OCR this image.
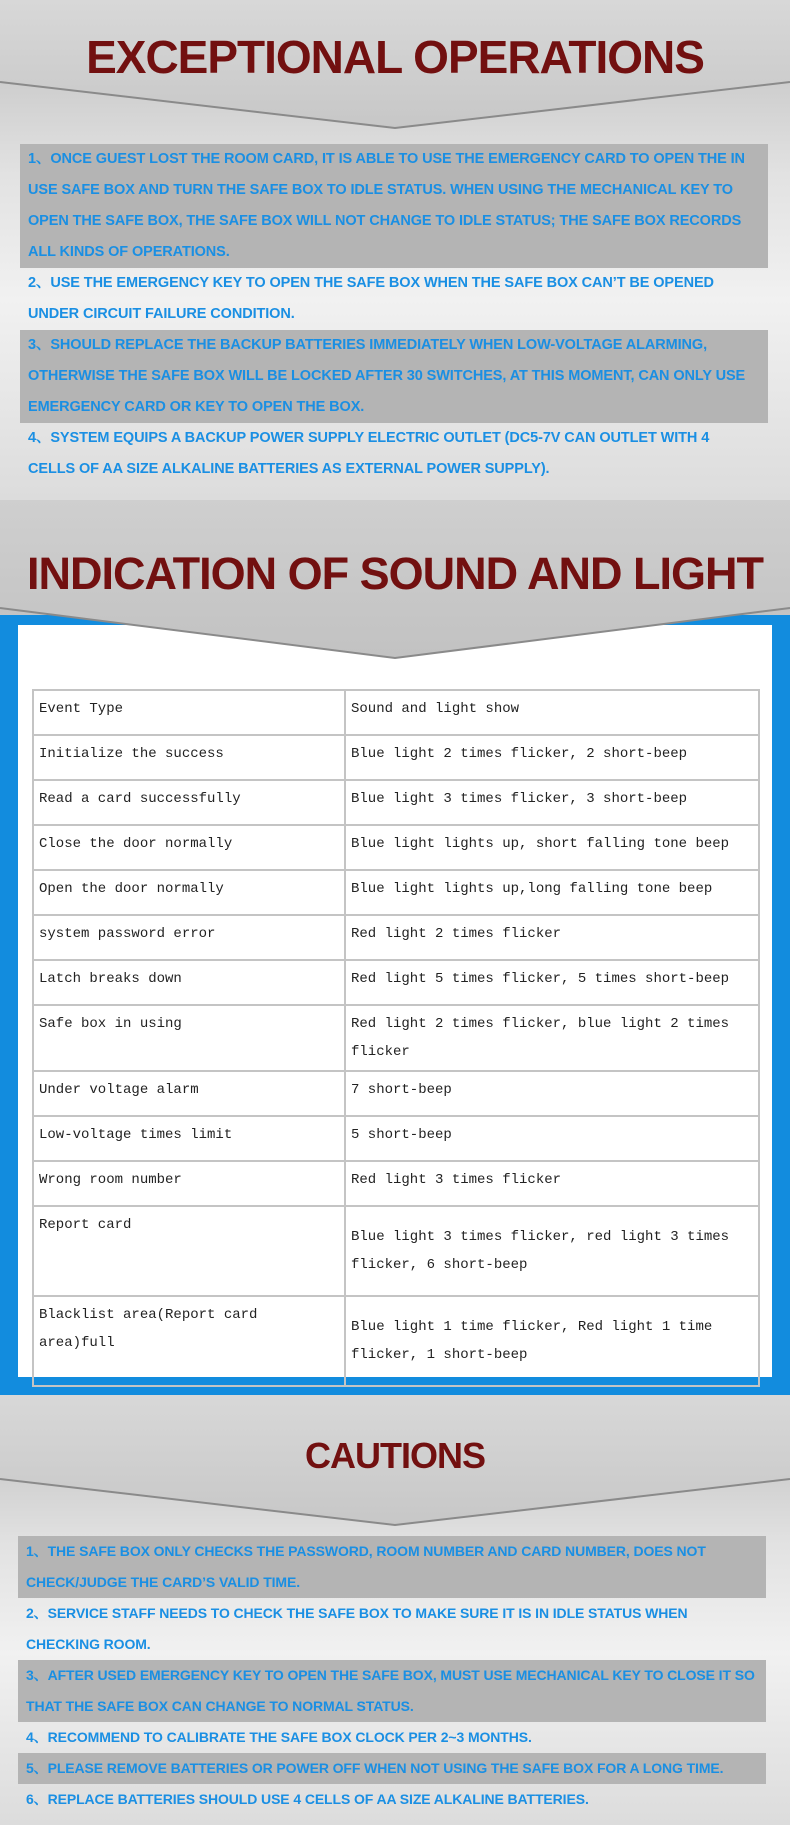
EXCEPTIONAL OPERATIONS
1、ONCE GUEST LOST THE ROOM CARD, IT IS ABLE TO USE THE EMERGENCY CARD TO OPEN THE IN USE SAFE BOX AND TURN THE SAFE BOX TO IDLE STATUS. WHEN USING THE MECHANICAL KEY TO OPEN THE SAFE BOX, THE SAFE BOX WILL NOT CHANGE TO IDLE STATUS; THE SAFE BOX RECORDS ALL KINDS OF OPERATIONS.
2、USE THE EMERGENCY KEY TO OPEN THE SAFE BOX WHEN THE SAFE BOX CAN’T BE OPENED UNDER CIRCUIT FAILURE CONDITION.
3、SHOULD REPLACE THE BACKUP BATTERIES IMMEDIATELY WHEN LOW-VOLTAGE ALARMING, OTHERWISE THE SAFE BOX WILL BE LOCKED AFTER 30 SWITCHES, AT THIS MOMENT, CAN ONLY USE EMERGENCY CARD OR KEY TO OPEN THE BOX.
4、SYSTEM EQUIPS A BACKUP POWER SUPPLY ELECTRIC OUTLET (DC5-7V CAN OUTLET WITH 4 CELLS OF AA SIZE ALKALINE BATTERIES AS EXTERNAL POWER SUPPLY).
Event Type	Sound and light show
Initialize the success	Blue light 2 times flicker, 2 short-beep
Read a card successfully	Blue light 3 times flicker, 3 short-beep
Close the door normally	Blue light lights up, short falling tone beep
Open the door normally	Blue light lights up,long falling tone beep
system password error	Red light 2 times flicker
Latch breaks down	Red light 5 times flicker, 5 times short-beep
Safe box in using	Red light 2 times flicker, blue light 2 times flicker
Under voltage alarm	7 short-beep
Low-voltage times limit	5 short-beep
Wrong room number	Red light 3 times flicker
Report card	Blue light 3 times flicker, red light 3 times flicker, 6 short-beep
Blacklist area(Report card area)full	Blue light 1 time flicker, Red light 1 time flicker, 1 short-beep
INDICATION OF SOUND AND LIGHT
CAUTIONS
1、THE SAFE BOX ONLY CHECKS THE PASSWORD, ROOM NUMBER AND CARD NUMBER, DOES NOT CHECK/JUDGE THE CARD’S VALID TIME.
2、SERVICE STAFF NEEDS TO CHECK THE SAFE BOX TO MAKE SURE IT IS IN IDLE STATUS WHEN CHECKING ROOM.
3、AFTER USED EMERGENCY KEY TO OPEN THE SAFE BOX, MUST USE MECHANICAL KEY TO CLOSE IT SO THAT THE SAFE BOX CAN CHANGE TO NORMAL STATUS.
4、RECOMMEND TO CALIBRATE THE SAFE BOX CLOCK PER 2~3 MONTHS.
5、PLEASE REMOVE BATTERIES OR POWER OFF WHEN NOT USING THE SAFE BOX FOR A LONG TIME.
6、REPLACE BATTERIES SHOULD USE 4 CELLS OF AA SIZE ALKALINE BATTERIES.
